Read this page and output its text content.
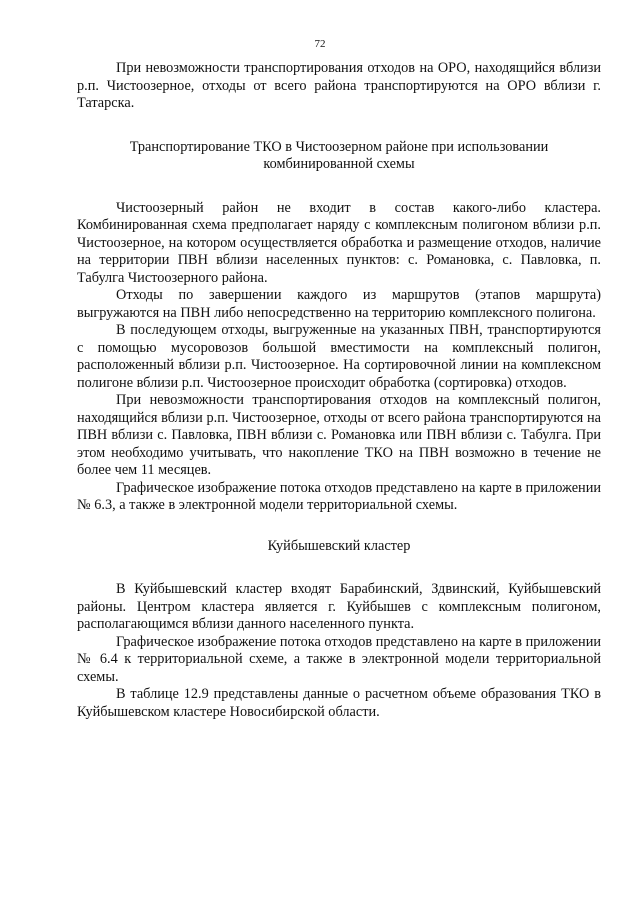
72

При невозможности транспортирования отходов на ОРО, находящийся вблизи р.п. Чистоозерное, отходы от всего района транспортируются на ОРО вблизи г. Татарска.

Транспортирование ТКО в Чистоозерном районе при использовании

комбинированной схемы

Чистоозерный район не входит в состав какого-либо кластера. Комбинированная схема предполагает наряду с комплексным полигоном вблизи р.п. Чистоозерное, на котором осуществляется обработка и размещение отходов, наличие на территории ПВН вблизи населенных пунктов: с. Романовка, с. Павловка, п. Табулга Чистоозерного района.

Отходы по завершении каждого из маршрутов (этапов маршрута) выгружаются на ПВН либо непосредственно на территорию комплексного полигона.

В последующем отходы, выгруженные на указанных ПВН, транспортируются с помощью мусоровозов большой вместимости на комплексный полигон, расположенный вблизи р.п. Чистоозерное. На сортировочной линии на комплексном полигоне вблизи р.п. Чистоозерное происходит обработка (сортировка) отходов.

При невозможности транспортирования отходов на комплексный полигон, находящийся вблизи р.п. Чистоозерное, отходы от всего района транспортируются на ПВН вблизи с. Павловка, ПВН вблизи с. Романовка или ПВН вблизи с. Табулга. При этом необходимо учитывать, что накопление ТКО на ПВН возможно в течение не более чем 11 месяцев.

Графическое изображение потока отходов представлено на карте в приложении № 6.3, а также в электронной модели территориальной схемы.

Куйбышевский кластер

В Куйбышевский кластер входят Барабинский, Здвинский, Куйбышевский районы. Центром кластера является г. Куйбышев с комплексным полигоном, располагающимся вблизи данного населенного пункта.

Графическое изображение потока отходов представлено на карте в приложении № 6.4 к территориальной схеме, а также в электронной модели территориальной схемы.

В таблице 12.9 представлены данные о расчетном объеме образования ТКО в Куйбышевском кластере Новосибирской области.
